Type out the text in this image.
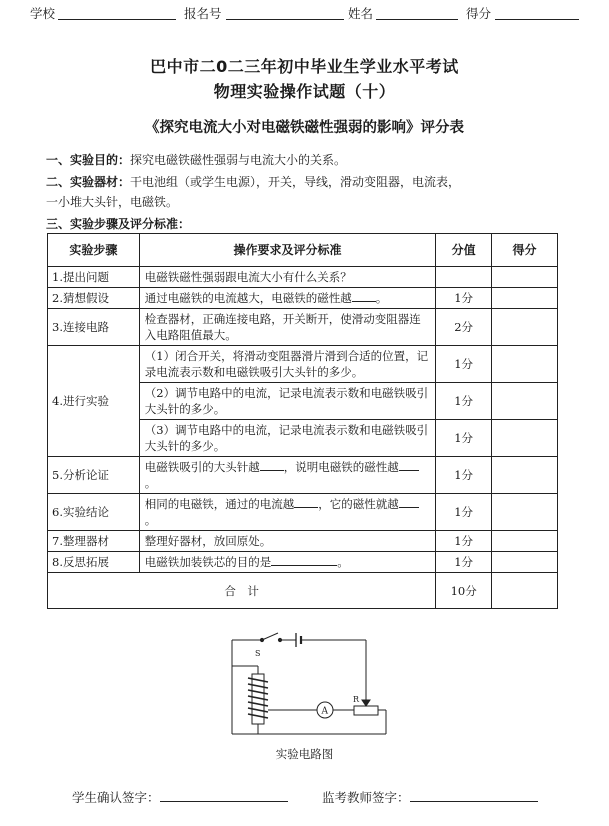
学校	报名号	姓名	得分
巴中市二0二三年初中毕业生学业水平考试
物理实验操作试题（十）
《探究电流大小对电磁铁磁性强弱的影响》评分表
一、实验目的：探究电磁铁磁性强弱与电流大小的关系。
二、实验器材：干电池组（或学生电源），开关，导线，滑动变阻器，电流表，
一小堆大头针，电磁铁。
三、实验步骤及评分标准：
实验步骤	操作要求及评分标准	分值	得分
1.提出问题	电磁铁磁性强弱跟电流大小有什么关系？		
2.猜想假设	通过电磁铁的电流越大，电磁铁的磁性越 。	1分	
3.连接电路	检查器材，正确连接电路，开关断开，使滑动变阻器连入电路阻值最大。	2分	
4.进行实验	（1）闭合开关，将滑动变阻器滑片滑到合适的位置，记录电流表示数和电磁铁吸引大头针的多少。	1分	
	（2）调节电路中的电流，记录电流表示数和电磁铁吸引大头针的多少。	1分	
	（3）调节电路中的电流，记录电流表示数和电磁铁吸引大头针的多少。	1分	
5.分析论证	电磁铁吸引的大头针越 ，说明电磁铁的磁性越。	1分	
6.实验结论	相同的电磁铁，通过的电流越 ，它的磁性就越。	1分	
7.整理器材	整理好器材，放回原处。	1分	
8.反思拓展	电磁铁加装铁芯的目的是 。	1分	
合　计		10分	
S
R
A
实验电路图
学生确认签字：	监考教师签字：
